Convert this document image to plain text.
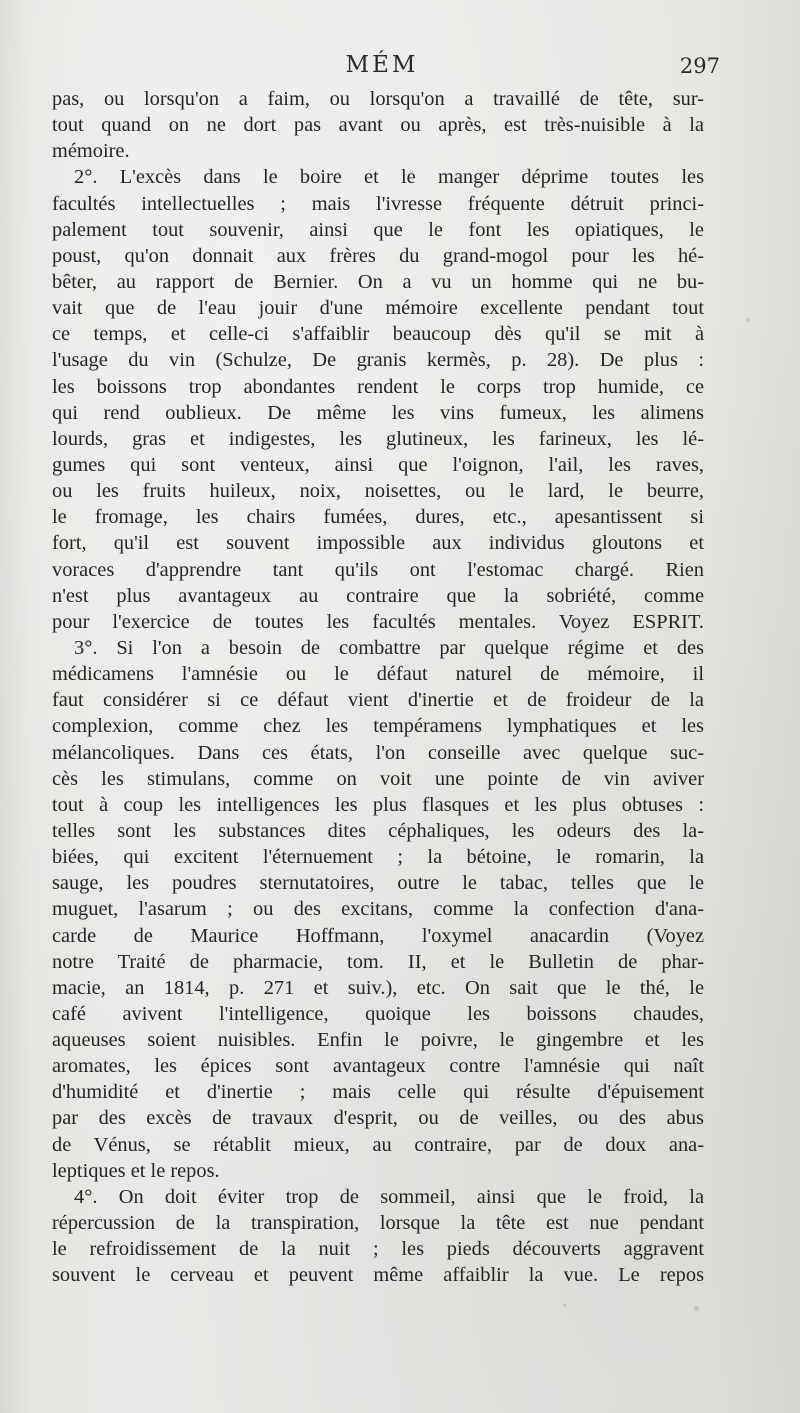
MÉM	297
pas, ou lorsqu'on a faim, ou lorsqu'on a travaillé de tête, sur-
tout quand on ne dort pas avant ou après, est très-nuisible à la
mémoire.
2°. L'excès dans le boire et le manger déprime toutes les
facultés intellectuelles ; mais l'ivresse fréquente détruit princi-
palement tout souvenir, ainsi que le font les opiatiques, le
poust, qu'on donnait aux frères du grand-mogol pour les hé-
bêter, au rapport de Bernier. On a vu un homme qui ne bu-
vait que de l'eau jouir d'une mémoire excellente pendant tout
ce temps, et celle-ci s'affaiblir beaucoup dès qu'il se mit à
l'usage du vin (Schulze, De granis kermès, p. 28). De plus :
les boissons trop abondantes rendent le corps trop humide, ce
qui rend oublieux. De même les vins fumeux, les alimens
lourds, gras et indigestes, les glutineux, les farineux, les lé-
gumes qui sont venteux, ainsi que l'oignon, l'ail, les raves,
ou les fruits huileux, noix, noisettes, ou le lard, le beurre,
le fromage, les chairs fumées, dures, etc., apesantissent si
fort, qu'il est souvent impossible aux individus gloutons et
voraces d'apprendre tant qu'ils ont l'estomac chargé. Rien
n'est plus avantageux au contraire que la sobriété, comme
pour l'exercice de toutes les facultés mentales. Voyez ESPRIT.
3°. Si l'on a besoin de combattre par quelque régime et des
médicamens l'amnésie ou le défaut naturel de mémoire, il
faut considérer si ce défaut vient d'inertie et de froideur de la
complexion, comme chez les tempéramens lymphatiques et les
mélancoliques. Dans ces états, l'on conseille avec quelque suc-
cès les stimulans, comme on voit une pointe de vin aviver
tout à coup les intelligences les plus flasques et les plus obtuses :
telles sont les substances dites céphaliques, les odeurs des la-
biées, qui excitent l'éternuement ; la bétoine, le romarin, la
sauge, les poudres sternutatoires, outre le tabac, telles que le
muguet, l'asarum ; ou des excitans, comme la confection d'ana-
carde de Maurice Hoffmann, l'oxymel anacardin (Voyez
notre Traité de pharmacie, tom. II, et le Bulletin de phar-
macie, an 1814, p. 271 et suiv.), etc. On sait que le thé, le
café avivent l'intelligence, quoique les boissons chaudes,
aqueuses soient nuisibles. Enfin le poivre, le gingembre et les
aromates, les épices sont avantageux contre l'amnésie qui naît
d'humidité et d'inertie ; mais celle qui résulte d'épuisement
par des excès de travaux d'esprit, ou de veilles, ou des abus
de Vénus, se rétablit mieux, au contraire, par de doux ana-
leptiques et le repos.
4°. On doit éviter trop de sommeil, ainsi que le froid, la
répercussion de la transpiration, lorsque la tête est nue pendant
le refroidissement de la nuit ; les pieds découverts aggravent
souvent le cerveau et peuvent même affaiblir la vue. Le repos
